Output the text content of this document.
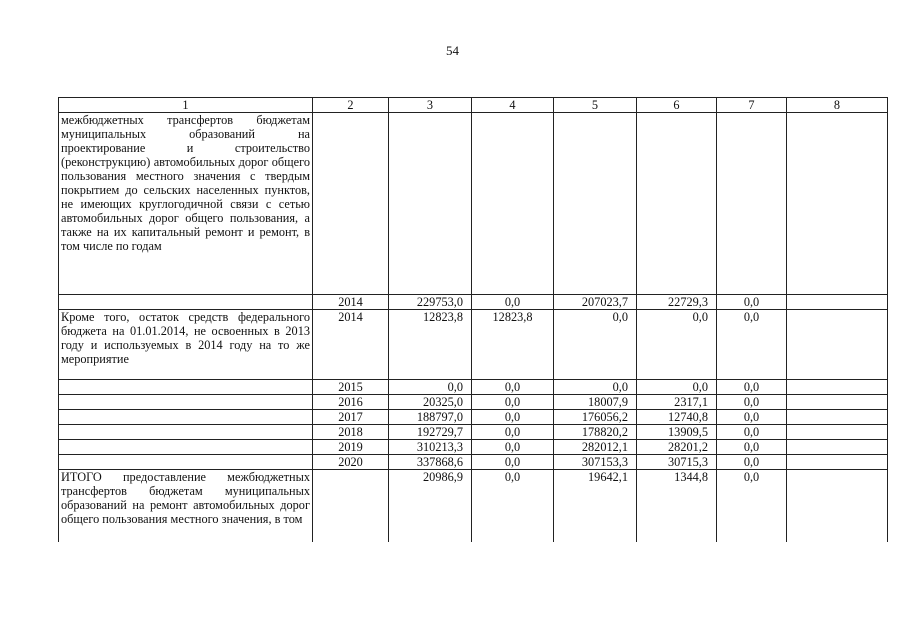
54
1	2	3	4	5	6	7	8
межбюджетных трансфертов бюджетам муниципальных образований на проектирование и строительство (реконструкцию) автомобильных дорог общего пользования местного значения с твердым покрытием до сельских населенных пунктов, не имеющих круглогодичной связи с сетью автомобильных дорог общего пользования, а также на их капитальный ремонт и ремонт, в том числе по годам							
	2014	229753,0	0,0	207023,7	22729,3	0,0	
Кроме того, остаток средств федерального бюджета на 01.01.2014, не освоенных в 2013 году и используемых в 2014 году на то же мероприятие	2014	12823,8	12823,8	0,0	0,0	0,0	
	2015	0,0	0,0	0,0	0,0	0,0	
	2016	20325,0	0,0	18007,9	2317,1	0,0	
	2017	188797,0	0,0	176056,2	12740,8	0,0	
	2018	192729,7	0,0	178820,2	13909,5	0,0	
	2019	310213,3	0,0	282012,1	28201,2	0,0	
	2020	337868,6	0,0	307153,3	30715,3	0,0	
ИТОГО предоставление межбюджетных трансфертов бюджетам муниципальных образований на ремонт автомобильных дорог общего пользования местного значения, в том		20986,9	0,0	19642,1	1344,8	0,0	
